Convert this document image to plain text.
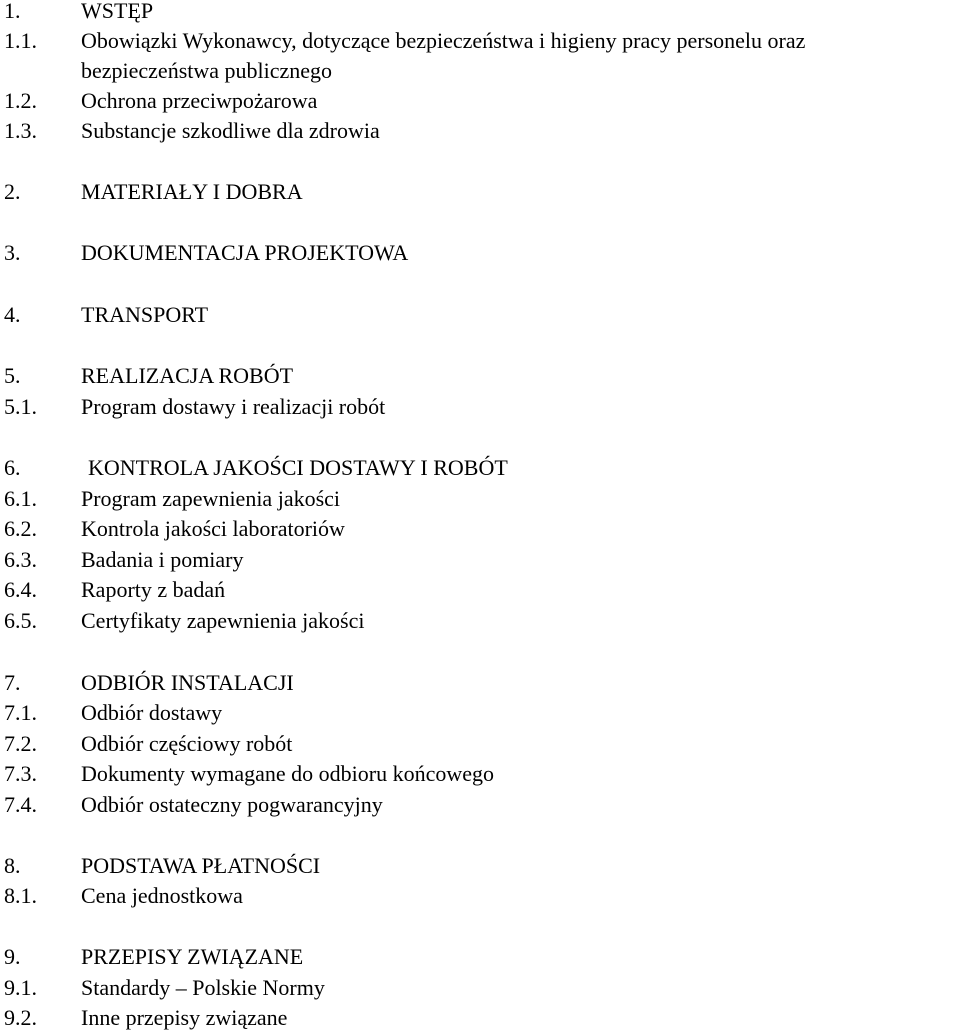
1.	WSTĘP
1.1. Obowiązki Wykonawcy, dotyczące bezpieczeństwa i higieny pracy personelu oraz
bezpieczeństwa publicznego
1.2. Ochrona przeciwpożarowa
1.3. Substancje szkodliwe dla zdrowia
2.	MATERIAŁY I DOBRA
3.	DOKUMENTACJA PROJEKTOWA
4.	TRANSPORT
5.	REALIZACJA ROBÓT
5.1. Program dostawy i realizacji robót
6.	KONTROLA JAKOŚCI DOSTAWY I ROBÓT
6.1. Program zapewnienia jakości
6.2. Kontrola jakości laboratoriów
6.3. Badania i pomiary
6.4. Raporty z badań
6.5. Certyfikaty zapewnienia jakości
7.	ODBIÓR INSTALACJI
7.1. Odbiór dostawy
7.2. Odbiór częściowy robót
7.3. Dokumenty wymagane do odbioru końcowego
7.4. Odbiór ostateczny pogwarancyjny
8.	PODSTAWA PŁATNOŚCI
8.1. Cena jednostkowa
9.	PRZEPISY ZWIĄZANE
9.1. Standardy – Polskie Normy
9.2. Inne przepisy związane
